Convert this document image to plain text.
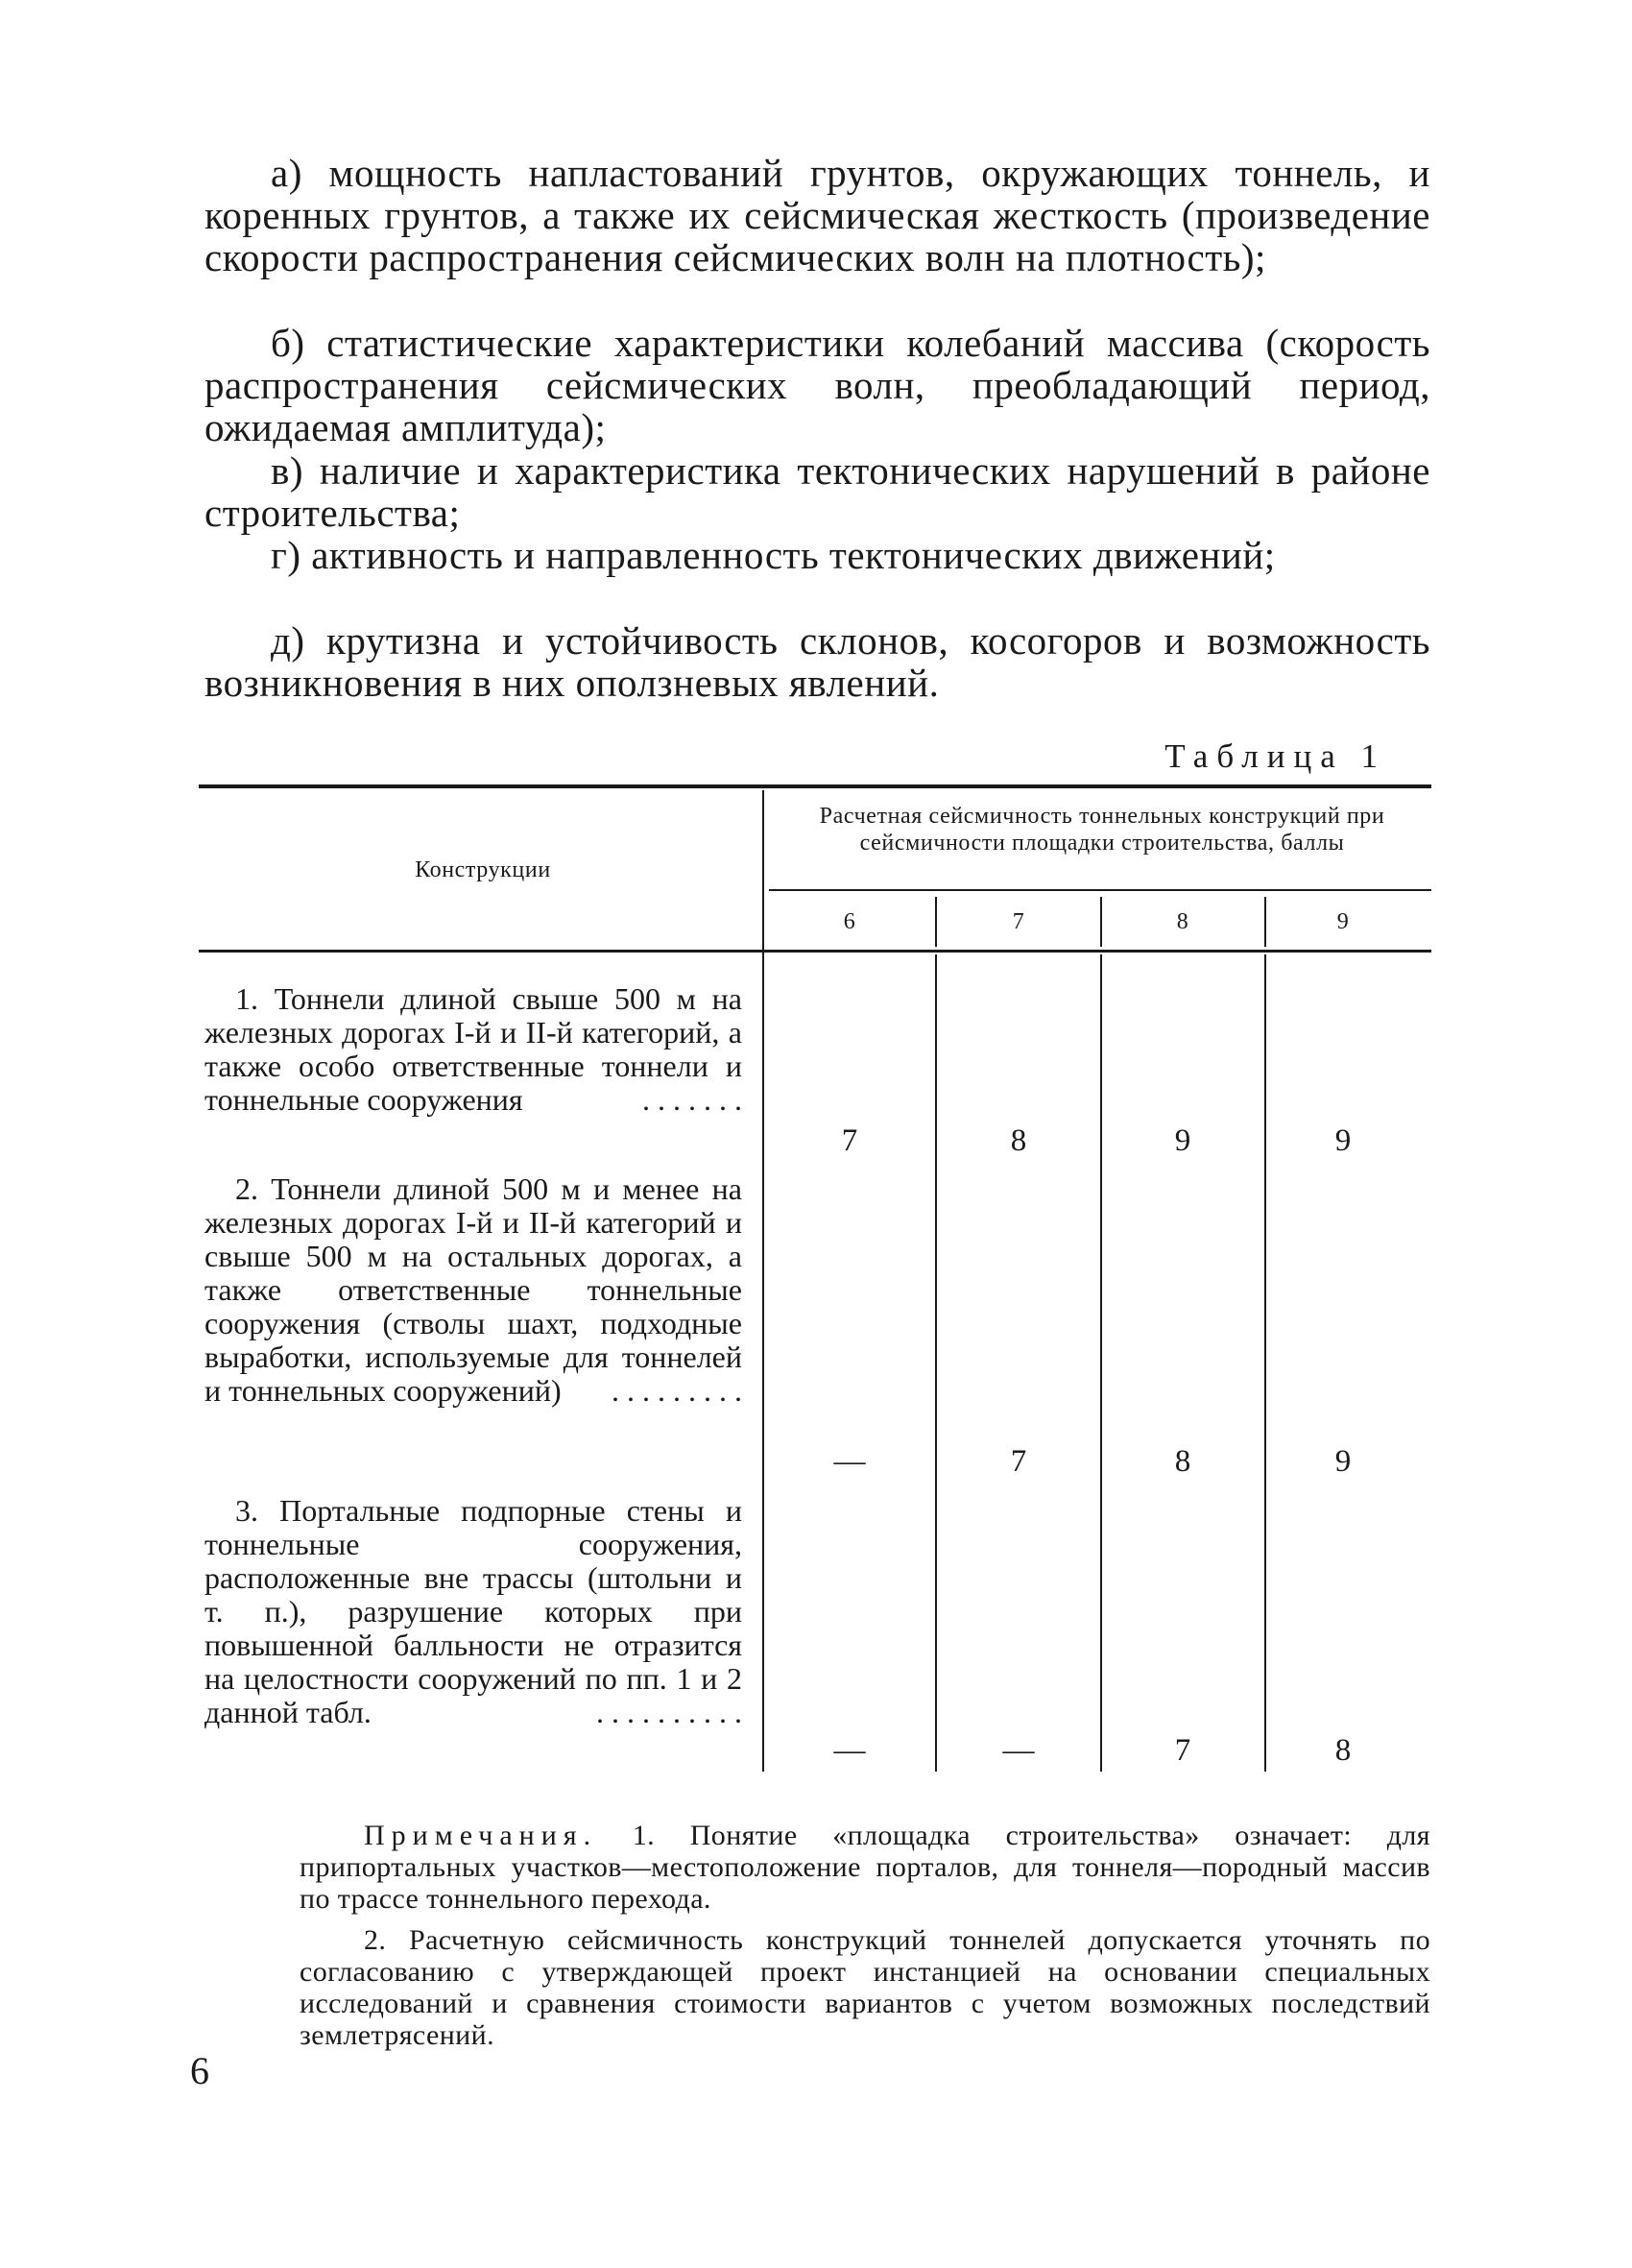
а) мощность напластований грунтов, окружающих тоннель, и коренных грунтов, а также их сейсмическая жесткость (произведение скорости распространения сейсмических волн на плотность);

б) статистические характеристики колебаний массива (скорость распространения сейсмических волн, преобладающий период, ожидаемая амплитуда);

в) наличие и характеристика тектонических нарушений в районе строительства;

г) активность и направленность тектонических движений;

д) крутизна и устойчивость склонов, косогоров и возможность возникновения в них оползневых явлений.

Таблица 1
Конструкции
Расчетная сейсмичность тоннельных конструкций при сейсмичности площадки строительства, баллы
6	7	8	9

1. Тоннели длиной свыше 500 м на железных дорогах I-й и II-й категорий, а также особо ответственные тоннели и тоннельные сооружения	. . . . . . .

7	8	9	9

2. Тоннели длиной 500 м и менее на железных дорогах I-й и II-й категорий и свыше 500 м на остальных дорогах, а также ответственные тоннельные сооружения (стволы шахт, подходные выработки, используемые для тоннелей и тоннельных сооружений) . . . . . . . . .

—	7	8	9

3. Портальные подпорные стены и тоннельные сооружения, расположенные вне трассы (штольни и т. п.), разрушение которых при повышенной балльности не отразится на целостности сооружений по пп. 1 и 2 данной табл.	. . . . . . . . . .

—	—	7	8

Примечания. 1. Понятие «площадка строительства» означает: для припортальных участков—местоположение порталов, для тоннеля—породный массив по трассе тоннельного перехода.

2. Расчетную сейсмичность конструкций тоннелей допускается уточнять по согласованию с утверждающей проект инстанцией на основании специальных исследований и сравнения стоимости вариантов с учетом возможных последствий землетрясений.

6
